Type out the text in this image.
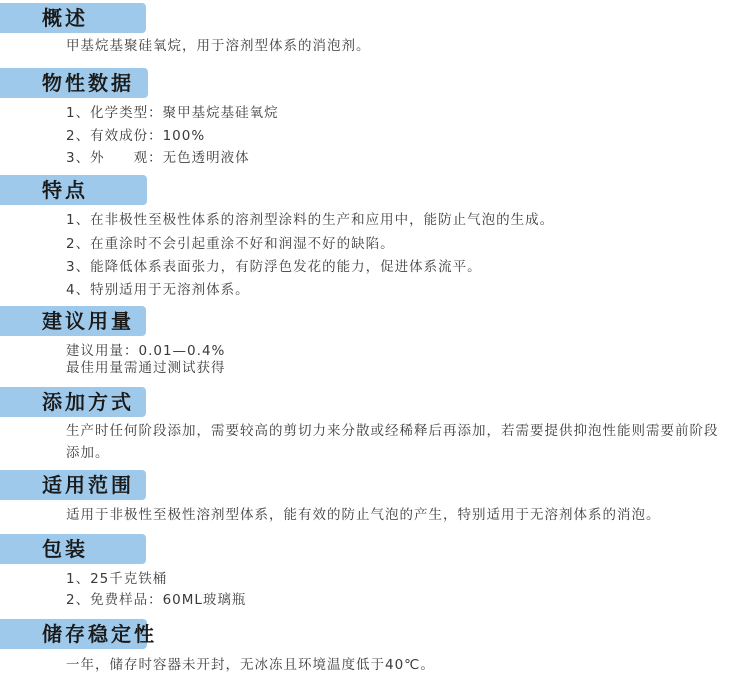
概述
甲基烷基聚硅氧烷，用于溶剂型体系的消泡剂。
物性数据
1、化学类型：聚甲基烷基硅氧烷
2、有效成份：100%
3、外　　观：无色透明液体
特点
1、在非极性至极性体系的溶剂型涂料的生产和应用中，能防止气泡的生成。
2、在重涂时不会引起重涂不好和润湿不好的缺陷。
3、能降低体系表面张力，有防浮色发花的能力，促进体系流平。
4、特别适用于无溶剂体系。
建议用量
建议用量：0.01—0.4%
最佳用量需通过测试获得
添加方式
生产时任何阶段添加，需要较高的剪切力来分散或经稀释后再添加，若需要提供抑泡性能则需要前阶段添加。
适用范围
适用于非极性至极性溶剂型体系，能有效的防止气泡的产生，特别适用于无溶剂体系的消泡。
包装
1、25千克铁桶
2、免费样品：60ML玻璃瓶
储存稳定性
一年，储存时容器未开封，无冰冻且环境温度低于40℃。
